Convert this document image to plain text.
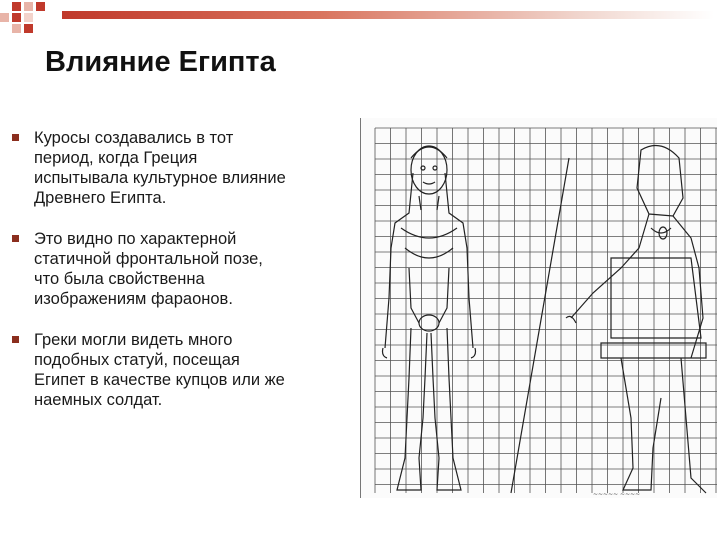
Влияние Египта
Куросы создавались в тот
период, когда Греция
испытывала культурное влияние
Древнего Египта.
Это видно по характерной
статичной фронтальной позе,
что была свойственна
изображениям фараонов.
Греки могли видеть много
подобных статуй, посещая
Египет в качестве купцов или же
наемных солдат.
~~~~~ ~~~~
